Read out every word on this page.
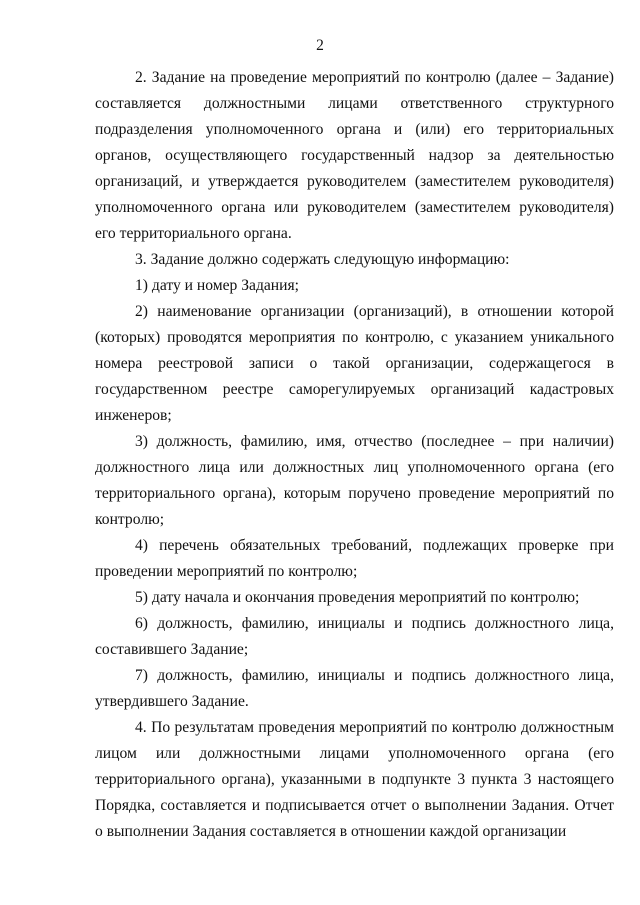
2

2. Задание на проведение мероприятий по контролю (далее – Задание) составляется должностными лицами ответственного структурного подразделения уполномоченного органа и (или) его территориальных органов, осуществляющего государственный надзор за деятельностью организаций, и утверждается руководителем (заместителем руководителя) уполномоченного органа или руководителем (заместителем руководителя) его территориального органа.

3. Задание должно содержать следующую информацию:

1) дату и номер Задания;

2) наименование организации (организаций), в отношении которой (которых) проводятся мероприятия по контролю, с указанием уникального номера реестровой записи о такой организации, содержащегося в государственном реестре саморегулируемых организаций кадастровых инженеров;

3) должность, фамилию, имя, отчество (последнее – при наличии) должностного лица или должностных лиц уполномоченного органа (его территориального органа), которым поручено проведение мероприятий по контролю;

4) перечень обязательных требований, подлежащих проверке при проведении мероприятий по контролю;

5) дату начала и окончания проведения мероприятий по контролю;

6) должность, фамилию, инициалы и подпись должностного лица, составившего Задание;

7) должность, фамилию, инициалы и подпись должностного лица, утвердившего Задание.

4. По результатам проведения мероприятий по контролю должностным лицом или должностными лицами уполномоченного органа (его территориального органа), указанными в подпункте 3 пункта 3 настоящего Порядка, составляется и подписывается отчет о выполнении Задания. Отчет о выполнении Задания составляется в отношении каждой организации
